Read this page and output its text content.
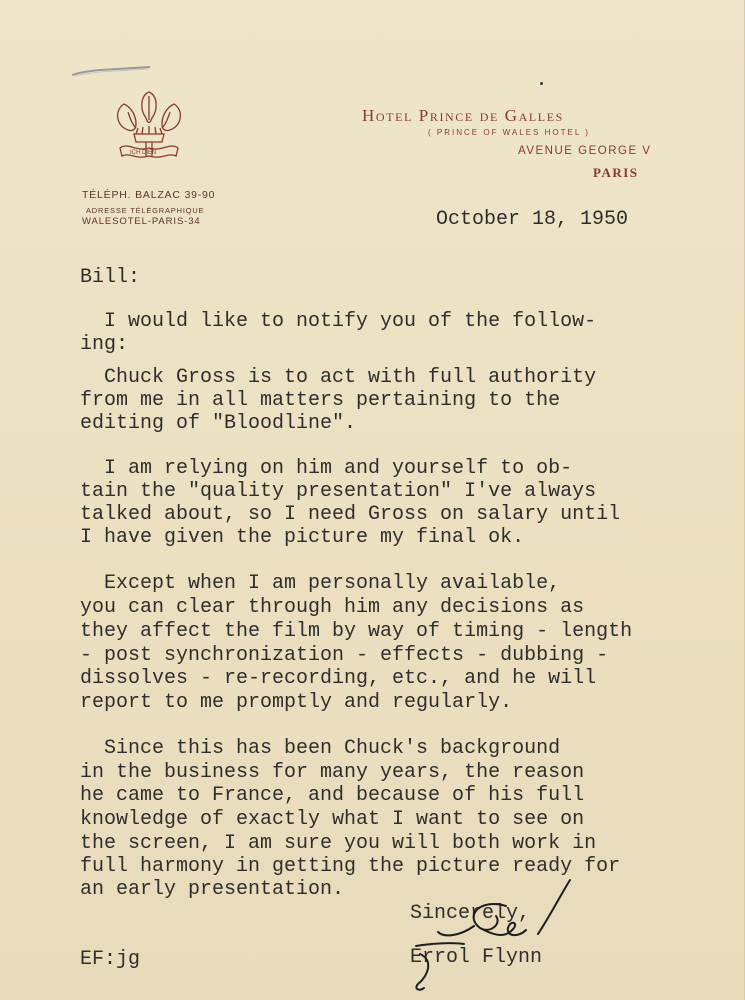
ICH DIEN
Hotel Prince de Galles
( PRINCE OF WALES HOTEL )
AVENUE GEORGE V
PARIS
TÉLÉPH. BALZAC 39-90
ADRESSE TÉLÉGRAPHIQUE
WALESOTEL-PARIS-34	October 18, 1950
Bill:
I would like to notify you of the follow-
ing:
Chuck Gross is to act with full authority
from me in all matters pertaining to the
editing of "Bloodline".
I am relying on him and yourself to ob-
tain the "quality presentation" I've always
talked about, so I need Gross on salary until
I have given the picture my final ok.
Except when I am personally available,
you can clear through him any decisions as
they affect the film by way of timing - length
- post synchronization - effects - dubbing -
dissolves - re-recording, etc., and he will
report to me promptly and regularly.
Since this has been Chuck's background
in the business for many years, the reason
he came to France, and because of his full
knowledge of exactly what I want to see on
the screen, I am sure you will both work in
full harmony in getting the picture ready for
an early presentation.
Sincerely,
Errol Flynn
EF:jg
